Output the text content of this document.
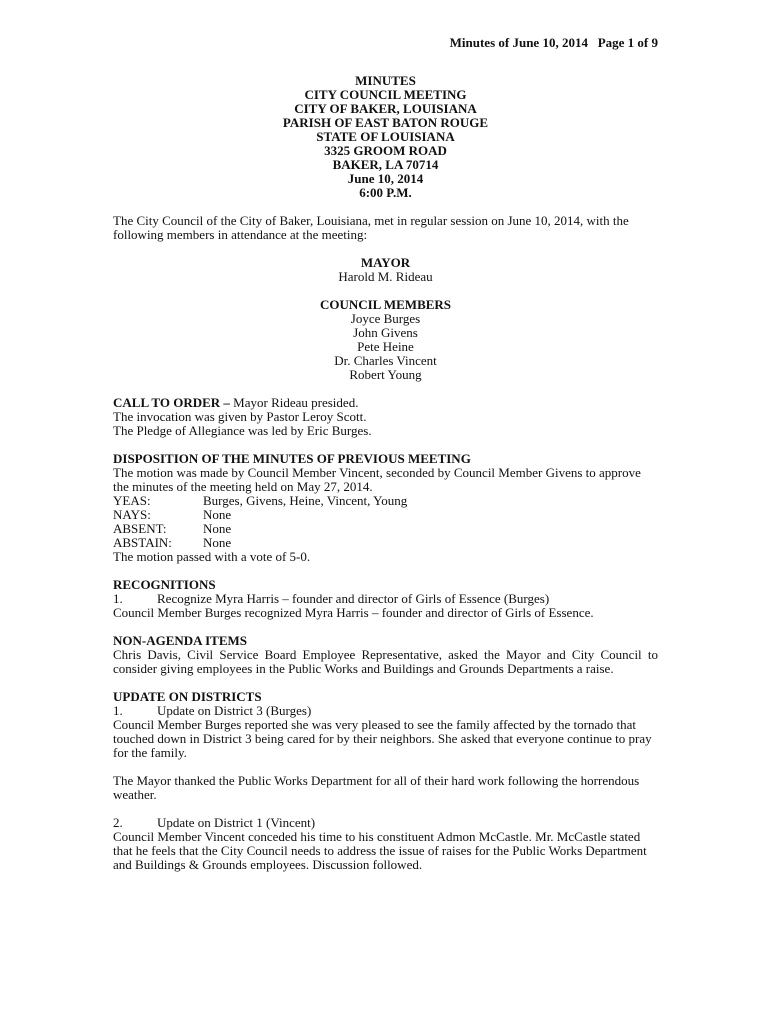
Minutes of June 10, 2014   Page 1 of 9
MINUTES
CITY COUNCIL MEETING
CITY OF BAKER, LOUISIANA
PARISH OF EAST BATON ROUGE
STATE OF LOUISIANA
3325 GROOM ROAD
BAKER, LA 70714
June 10, 2014
6:00 P.M.

The City Council of the City of Baker, Louisiana, met in regular session on June 10, 2014, with the following members in attendance at the meeting:

MAYOR
Harold M. Rideau
COUNCIL MEMBERS
Joyce Burges
John Givens
Pete Heine
Dr. Charles Vincent
Robert Young
CALL TO ORDER – Mayor Rideau presided.
The invocation was given by Pastor Leroy Scott.
The Pledge of Allegiance was led by Eric Burges.
DISPOSITION OF THE MINUTES OF PREVIOUS MEETING

The motion was made by Council Member Vincent, seconded by Council Member Givens to approve the minutes of the meeting held on May 27, 2014.

YEAS:	Burges, Givens, Heine, Vincent, Young
NAYS:	None
ABSENT:	None
ABSTAIN:	None
The motion passed with a vote of 5-0.
RECOGNITIONS
1.	Recognize Myra Harris – founder and director of Girls of Essence (Burges)

Council Member Burges recognized Myra Harris – founder and director of Girls of Essence.

NON-AGENDA ITEMS

Chris Davis, Civil Service Board Employee Representative, asked the Mayor and City Council to consider giving employees in the Public Works and Buildings and Grounds Departments a raise.

UPDATE ON DISTRICTS
1.	Update on District 3 (Burges)

Council Member Burges reported she was very pleased to see the family affected by the tornado that touched down in District 3 being cared for by their neighbors. She asked that everyone continue to pray for the family.

The Mayor thanked the Public Works Department for all of their hard work following the horrendous weather.

2.	Update on District 1 (Vincent)

Council Member Vincent conceded his time to his constituent Admon McCastle. Mr. McCastle stated that he feels that the City Council needs to address the issue of raises for the Public Works Department and Buildings & Grounds employees. Discussion followed.
